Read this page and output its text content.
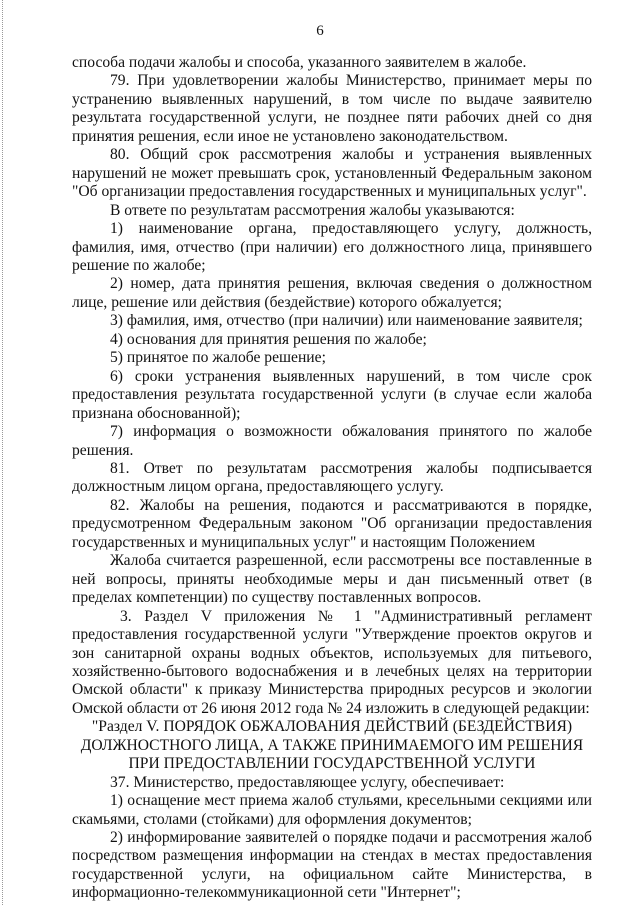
6

способа подачи жалобы и способа, указанного заявителем в жалобе.

79. При удовлетворении жалобы Министерство, принимает меры по устранению выявленных нарушений, в том числе по выдаче заявителю результата государственной услуги, не позднее пяти рабочих дней со дня принятия решения, если иное не установлено законодательством.

80. Общий срок рассмотрения жалобы и устранения выявленных нарушений не может превышать срок, установленный Федеральным законом "Об организации предоставления государственных и муниципальных услуг".

В ответе по результатам рассмотрения жалобы указываются:

1) наименование органа, предоставляющего услугу, должность, фамилия, имя, отчество (при наличии) его должностного лица, принявшего решение по жалобе;

2) номер, дата принятия решения, включая сведения о должностном лице, решение или действия (бездействие) которого обжалуется;

3) фамилия, имя, отчество (при наличии) или наименование заявителя;

4) основания для принятия решения по жалобе;

5) принятое по жалобе решение;

6) сроки устранения выявленных нарушений, в том числе срок предоставления результата государственной услуги (в случае если жалоба признана обоснованной);

7) информация о возможности обжалования принятого по жалобе решения.

81. Ответ по результатам рассмотрения жалобы подписывается должностным лицом органа, предоставляющего услугу.

82. Жалобы на решения, подаются и рассматриваются в порядке, предусмотренном Федеральным законом "Об организации предоставления государственных и муниципальных услуг" и настоящим Положением

Жалоба считается разрешенной, если рассмотрены все поставленные в ней вопросы, приняты необходимые меры и дан письменный ответ (в пределах компетенции) по существу поставленных вопросов.

3. Раздел V приложения № 1 "Административный регламент предоставления государственной услуги "Утверждение проектов округов и зон санитарной охраны водных объектов, используемых для питьевого, хозяйственно-бытового водоснабжения и в лечебных целях на территории Омской области" к приказу Министерства природных ресурсов и экологии Омской области от 26 июня 2012 года № 24 изложить в следующей редакции:

"Раздел V. ПОРЯДОК ОБЖАЛОВАНИЯ ДЕЙСТВИЙ (БЕЗДЕЙСТВИЯ)

ДОЛЖНОСТНОГО ЛИЦА, А ТАКЖЕ ПРИНИМАЕМОГО ИМ РЕШЕНИЯ

ПРИ ПРЕДОСТАВЛЕНИИ ГОСУДАРСТВЕННОЙ УСЛУГИ

37. Министерство, предоставляющее услугу, обеспечивает:

1) оснащение мест приема жалоб стульями, кресельными секциями или скамьями, столами (стойками) для оформления документов;

2) информирование заявителей о порядке подачи и рассмотрения жалоб посредством размещения информации на стендах в местах предоставления государственной услуги, на официальном сайте Министерства, в информационно-телекоммуникационной сети "Интернет";
